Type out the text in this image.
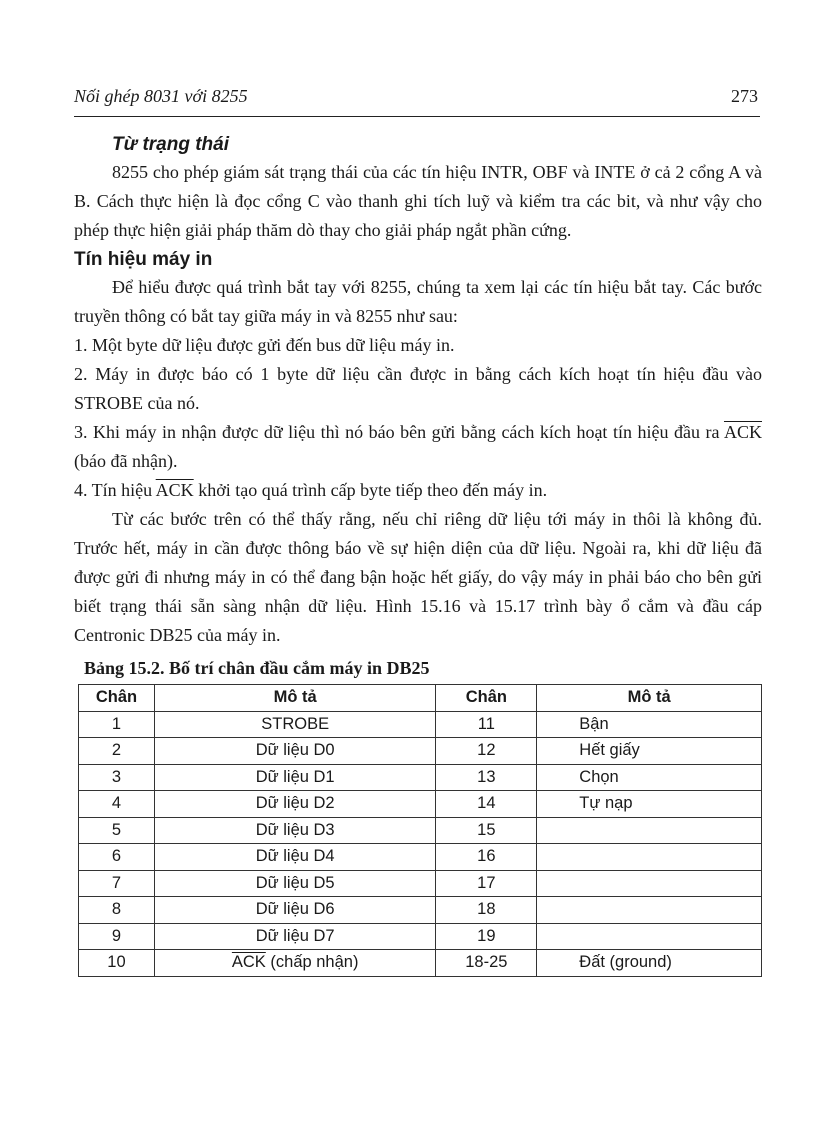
Nối ghép 8031 với 8255	273
Từ trạng thái

8255 cho phép giám sát trạng thái của các tín hiệu INTR, OBF và INTE ở cả 2 cổng A và B. Cách thực hiện là đọc cổng C vào thanh ghi tích luỹ và kiểm tra các bit, và như vậy cho phép thực hiện giải pháp thăm dò thay cho giải pháp ngắt phần cứng.

Tín hiệu máy in

Để hiểu được quá trình bắt tay với 8255, chúng ta xem lại các tín hiệu bắt tay. Các bước truyền thông có bắt tay giữa máy in và 8255 như sau:

1. Một byte dữ liệu được gửi đến bus dữ liệu máy in.

2. Máy in được báo có 1 byte dữ liệu cần được in bằng cách kích hoạt tín hiệu đầu vào STROBE của nó.

3. Khi máy in nhận được dữ liệu thì nó báo bên gửi bằng cách kích hoạt tín hiệu đầu ra $\overline{ACK}$ (báo đã nhận).

4. Tín hiệu $\overline{ACK}$ khởi tạo quá trình cấp byte tiếp theo đến máy in.

Từ các bước trên có thể thấy rằng, nếu chỉ riêng dữ liệu tới máy in thôi là không đủ. Trước hết, máy in cần được thông báo về sự hiện diện của dữ liệu. Ngoài ra, khi dữ liệu đã được gửi đi nhưng máy in có thể đang bận hoặc hết giấy, do vậy máy in phải báo cho bên gửi biết trạng thái sẵn sàng nhận dữ liệu. Hình 15.16 và 15.17 trình bày ổ cắm và đầu cáp Centronic DB25 của máy in.

Bảng 15.2. Bố trí chân đầu cắm máy in DB25
Chân	Mô tả	Chân	Mô tả
1	STROBE	11	Bận
2	Dữ liệu D0	12	Hết giấy
3	Dữ liệu D1	13	Chọn
4	Dữ liệu D2	14	Tự nạp
5	Dữ liệu D3	15	
6	Dữ liệu D4	16	
7	Dữ liệu D5	17	
8	Dữ liệu D6	18	
9	Dữ liệu D7	19	
10	$\overline{ACK}$ (chấp nhận)	18-25	Đất (ground)
